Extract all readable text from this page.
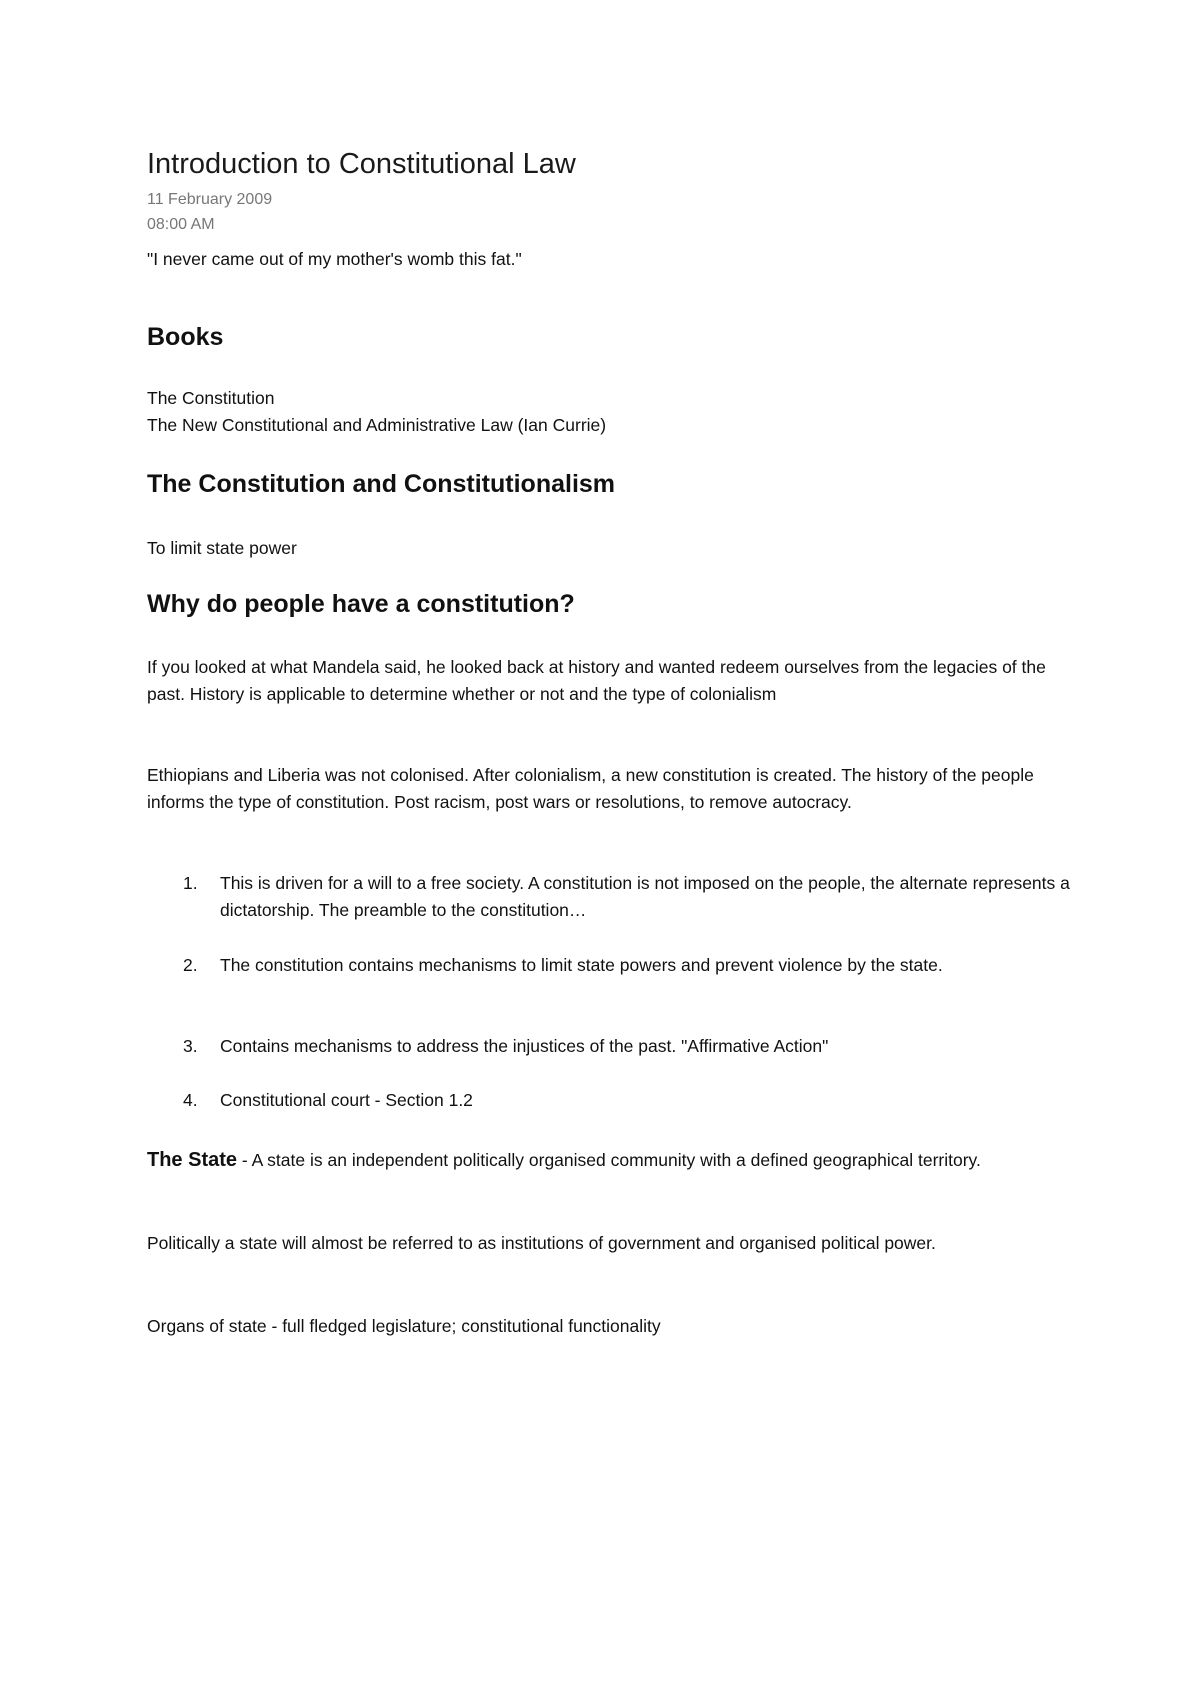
Introduction to Constitutional Law
11 February 2009
08:00 AM

"I never came out of my mother's womb this fat."

Books

The Constitution

The New Constitutional and Administrative Law (Ian Currie)

The Constitution and Constitutionalism

To limit state power

Why do people have a constitution?

If you looked at what Mandela said, he looked back at history and wanted redeem ourselves from the legacies of the past. History is applicable to determine whether or not and the type of colonialism

Ethiopians and Liberia was not colonised. After colonialism, a new constitution is created. The history of the people informs the type of constitution. Post racism, post wars or resolutions, to remove autocracy.

1.	This is driven for a will to a free society. A constitution is not imposed on the people, the alternate represents a dictatorship. The preamble to the constitution…
2.	The constitution contains mechanisms to limit state powers and prevent violence by the state.
3.	Contains mechanisms to address the injustices of the past. "Affirmative Action"
4.	Constitutional court - Section 1.2

The State - A state is an independent politically organised community with a defined geographical territory.

Politically a state will almost be referred to as institutions of government and organised political power.

Organs of state - full fledged legislature; constitutional functionality
